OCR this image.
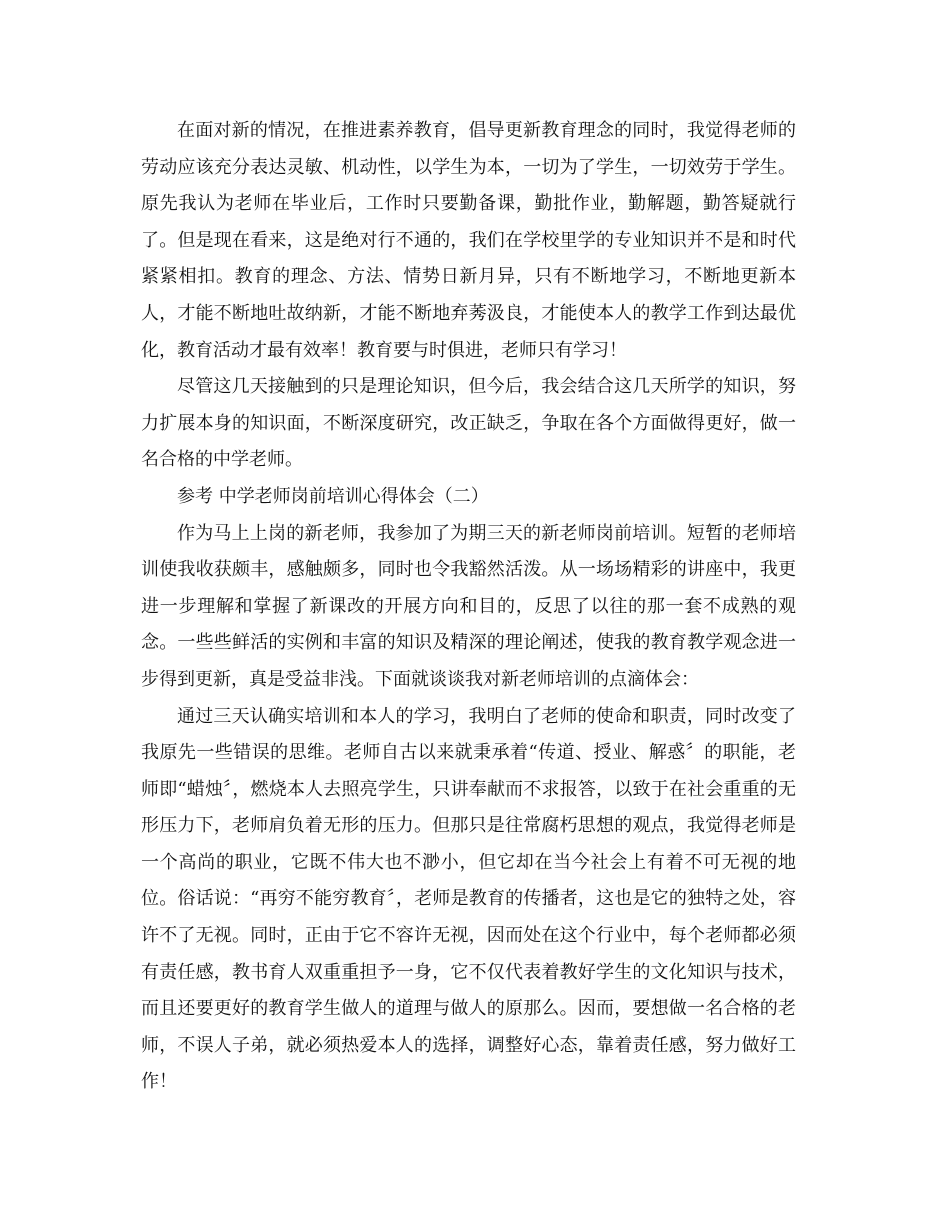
在面对新的情况，在推进素养教育，倡导更新教育理念的同时，我觉得老师的劳动应该充分表达灵敏、机动性，以学生为本，一切为了学生，一切效劳于学生。原先我认为老师在毕业后，工作时只要勤备课，勤批作业，勤解题，勤答疑就行了。但是现在看来，这是绝对行不通的，我们在学校里学的专业知识并不是和时代紧紧相扣。教育的理念、方法、情势日新月异，只有不断地学习，不断地更新本人，才能不断地吐故纳新，才能不断地弃莠汲良，才能使本人的教学工作到达最优化，教育活动才最有效率！教育要与时俱进，老师只有学习！

尽管这几天接触到的只是理论知识，但今后，我会结合这几天所学的知识，努力扩展本身的知识面，不断深度研究，改正缺乏，争取在各个方面做得更好，做一名合格的中学老师。

参考 中学老师岗前培训心得体会（二）

作为马上上岗的新老师，我参加了为期三天的新老师岗前培训。短暂的老师培训使我收获颇丰，感触颇多，同时也令我豁然活泼。从一场场精彩的讲座中，我更进一步理解和掌握了新课改的开展方向和目的，反思了以往的那一套不成熟的观念。一些些鲜活的实例和丰富的知识及精深的理论阐述，使我的教育教学观念进一步得到更新，真是受益非浅。下面就谈谈我对新老师培训的点滴体会：

通过三天认确实培训和本人的学习，我明白了老师的使命和职责，同时改变了我原先一些错误的思维。老师自古以来就秉承着“传道、授业、解惑〞的职能，老师即“蜡烛〞，燃烧本人去照亮学生，只讲奉献而不求报答，以致于在社会重重的无形压力下，老师肩负着无形的压力。但那只是往常腐朽思想的观点，我觉得老师是一个高尚的职业，它既不伟大也不渺小，但它却在当今社会上有着不可无视的地位。俗话说：“再穷不能穷教育〞，老师是教育的传播者，这也是它的独特之处，容许不了无视。同时，正由于它不容许无视，因而处在这个行业中，每个老师都必须有责任感，教书育人双重重担予一身，它不仅代表着教好学生的文化知识与技术，而且还要更好的教育学生做人的道理与做人的原那么。因而，要想做一名合格的老师，不误人子弟，就必须热爱本人的选择，调整好心态，靠着责任感，努力做好工作！
